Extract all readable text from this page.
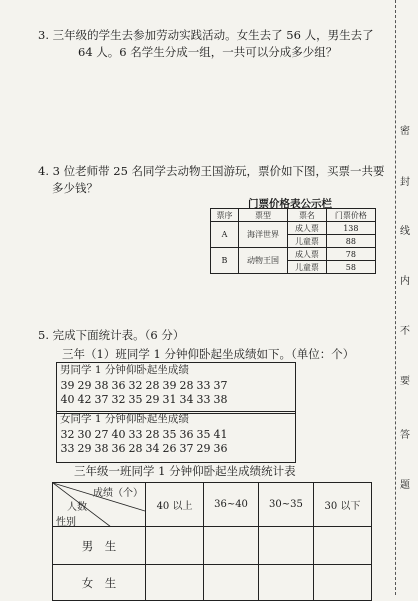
密
封
线
内
不
要
答
题
3. 三年级的学生去参加劳动实践活动。女生去了 56 人，男生去了
64 人。6 名学生分成一组，一共可以分成多少组？
4. 3 位老师带 25 名同学去动物王国游玩，票价如下图，买票一共要
多少钱？
门票价格表公示栏
票序	票型	票名	门票价格
A	海洋世界	成人票	138
		儿童票	88
B	动物王国	成人票	78
		儿童票	58
5. 完成下面统计表。（6 分）
三年（1）班同学 1 分钟仰卧起坐成绩如下。（单位：个）
男同学 1 分钟仰卧起坐成绩
39	29	38	36	32	28	39	28	33	37
40	42	37	32	35	29	31	34	33	38
女同学 1 分钟仰卧起坐成绩
32	30	27	40	33	28	35	36	35	41
33	29	38	36	28	34	26	37	29	36
三年级一班同学 1 分钟仰卧起坐成绩统计表
成绩（个）
人数
性别	40 以上	36~40	30~35	30 以下
男　生				
女　生				
